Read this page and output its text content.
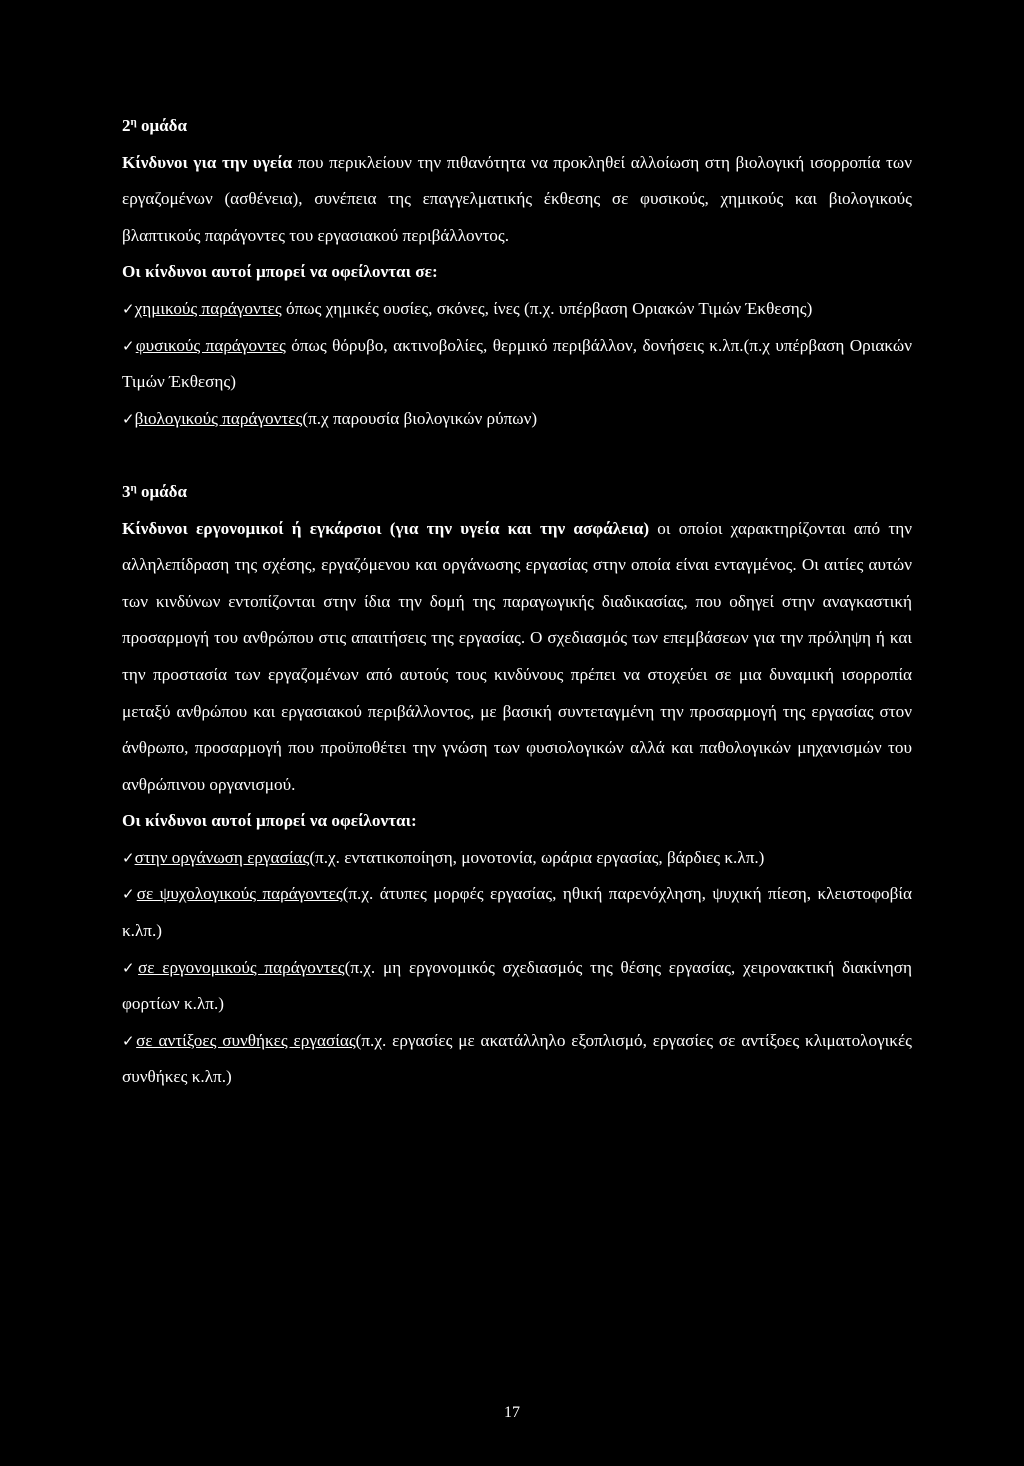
$2^\eta$ ομάδα

Κίνδυνοι για την υγεία που περικλείουν την πιθανότητα να προκληθεί αλλοίωση στη βιολογική ισορροπία των εργαζομένων (ασθένεια), συνέπεια της επαγγελματικής έκθεσης σε φυσικούς, χημικούς και βιολογικούς βλαπτικούς παράγοντες του εργασιακού περιβάλλοντος.

Οι κίνδυνοι αυτοί μπορεί να οφείλονται σε:

✓χημικούς παράγοντες όπως χημικές ουσίες, σκόνες, ίνες (π.χ. υπέρβαση Οριακών Τιμών Έκθεσης)

✓φυσικούς παράγοντες όπως θόρυβο, ακτινοβολίες, θερμικό περιβάλλον, δονήσεις κ.λπ.(π.χ υπέρβαση Οριακών Τιμών Έκθεσης)

✓βιολογικούς παράγοντες(π.χ παρουσία βιολογικών ρύπων)

$3^\eta$ ομάδα

Κίνδυνοι εργονομικοί ή εγκάρσιοι (για την υγεία και την ασφάλεια) οι οποίοι χαρακτηρίζονται από την αλληλεπίδραση της σχέσης, εργαζόμενου και οργάνωσης εργασίας στην οποία είναι ενταγμένος. Οι αιτίες αυτών των κινδύνων εντοπίζονται στην ίδια την δομή της παραγωγικής διαδικασίας, που οδηγεί στην αναγκαστική προσαρμογή του ανθρώπου στις απαιτήσεις της εργασίας. Ο σχεδιασμός των επεμβάσεων για την πρόληψη ή και την προστασία των εργαζομένων από αυτούς τους κινδύνους πρέπει να στοχεύει σε μια δυναμική ισορροπία μεταξύ ανθρώπου και εργασιακού περιβάλλοντος, με βασική συντεταγμένη την προσαρμογή της εργασίας στον άνθρωπο, προσαρμογή που προϋποθέτει την γνώση των φυσιολογικών αλλά και παθολογικών μηχανισμών του ανθρώπινου οργανισμού.

Οι κίνδυνοι αυτοί μπορεί να οφείλονται:

✓στην οργάνωση εργασίας(π.χ. εντατικοποίηση, μονοτονία, ωράρια εργασίας, βάρδιες κ.λπ.)

✓σε ψυχολογικούς παράγοντες(π.χ. άτυπες μορφές εργασίας, ηθική παρενόχληση, ψυχική πίεση, κλειστοφοβία κ.λπ.)

✓σε εργονομικούς παράγοντες(π.χ. μη εργονομικός σχεδιασμός της θέσης εργασίας, χειρονακτική διακίνηση φορτίων κ.λπ.)

✓σε αντίξοες συνθήκες εργασίας(π.χ. εργασίες με ακατάλληλο εξοπλισμό, εργασίες σε αντίξοες κλιματολογικές συνθήκες κ.λπ.)

17
